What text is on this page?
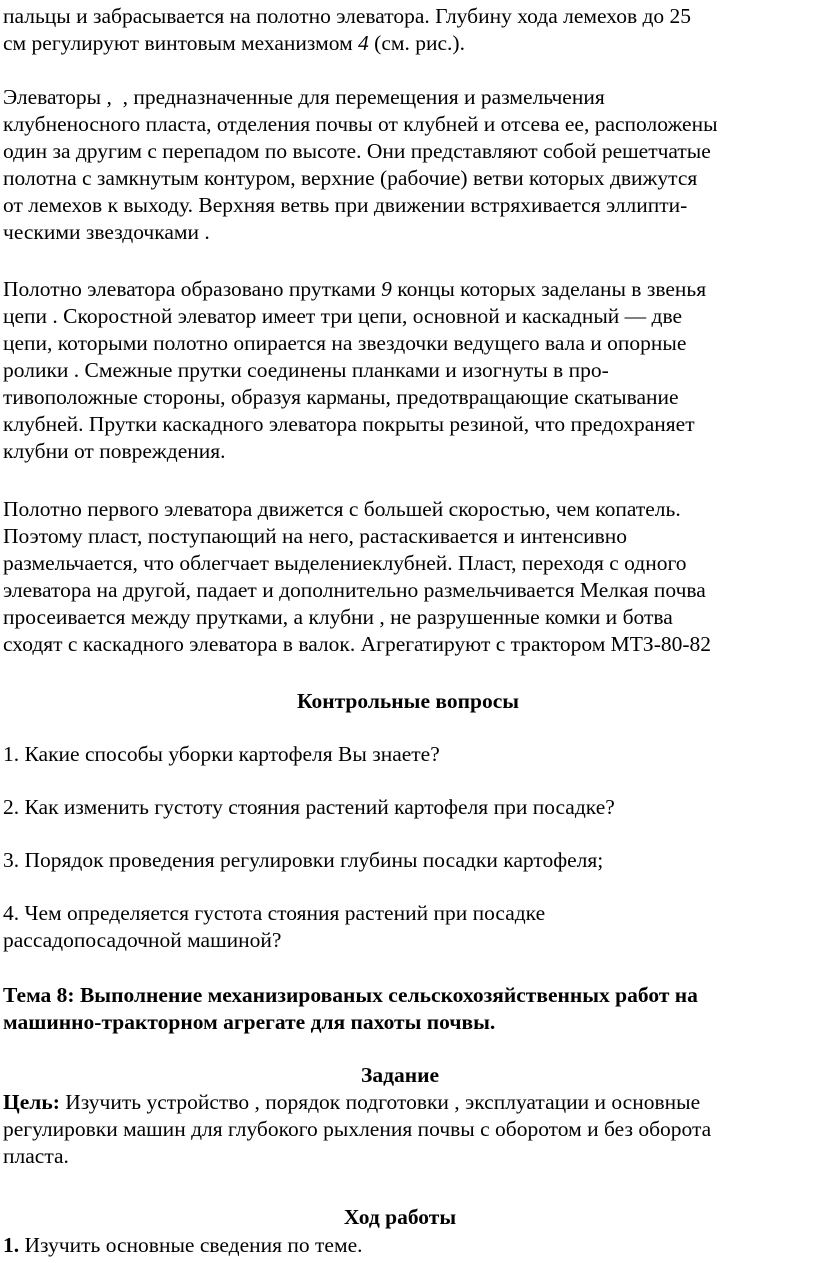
пальцы и забрасывается на полотно элеватора. Глубину хода лемехов до 25
см регулируют винтовым механизмом 4 (см. рис.).
Элеваторы ,  , предназначенные для перемещения и размельчения
клубненосного пласта, отделения почвы от клубней и отсева ее, расположены
один за другим с перепадом по высоте. Они представляют собой решетчатые
полотна с замкнутым контуром, верхние (рабочие) ветви которых движутся
от лемехов к выходу. Верхняя ветвь при движении встряхивается эллипти-
ческими звездочками .
Полотно элеватора образовано прутками 9 концы которых заделаны в звенья
цепи . Скоростной элеватор имеет три цепи, основной и каскадный — две
цепи, которыми полотно опирается на звездочки ведущего вала и опорные
ролики . Смежные прутки соединены планками и изогнуты в про-
тивоположные стороны, образуя карманы, предотвращающие скатывание
клубней. Прутки каскадного элеватора покрыты резиной, что предохраняет
клубни от повреждения.
Полотно первого элеватора движется с большей скоростью, чем копатель.
Поэтому пласт, поступающий на него, растаскивается и интенсивно
размельчается, что облегчает выделениеклубней. Пласт, переходя с одного
элеватора на другой, падает и дополнительно размельчивается Мелкая почва
просеивается между прутками, а клубни , не разрушенные комки и ботва
сходят с каскадного элеватора в валок. Агрегатируют с трактором МТЗ-80-82
Контрольные вопросы
1. Какие способы уборки картофеля Вы знаете?
2. Как изменить густоту стояния растений картофеля при посадке?
3. Порядок проведения регулировки глубины посадки картофеля;
4. Чем определяется густота стояния растений при посадке
рассадопосадочной машиной?
Тема 8: Выполнение механизированых сельскохозяйственных работ на
машинно-тракторном агрегате для пахоты почвы.
Задание
Цель: Изучить устройство , порядок подготовки , эксплуатации и основные
регулировки машин для глубокого рыхления почвы с оборотом и без оборота
пласта.
Ход работы
1. Изучить основные сведения по теме.
